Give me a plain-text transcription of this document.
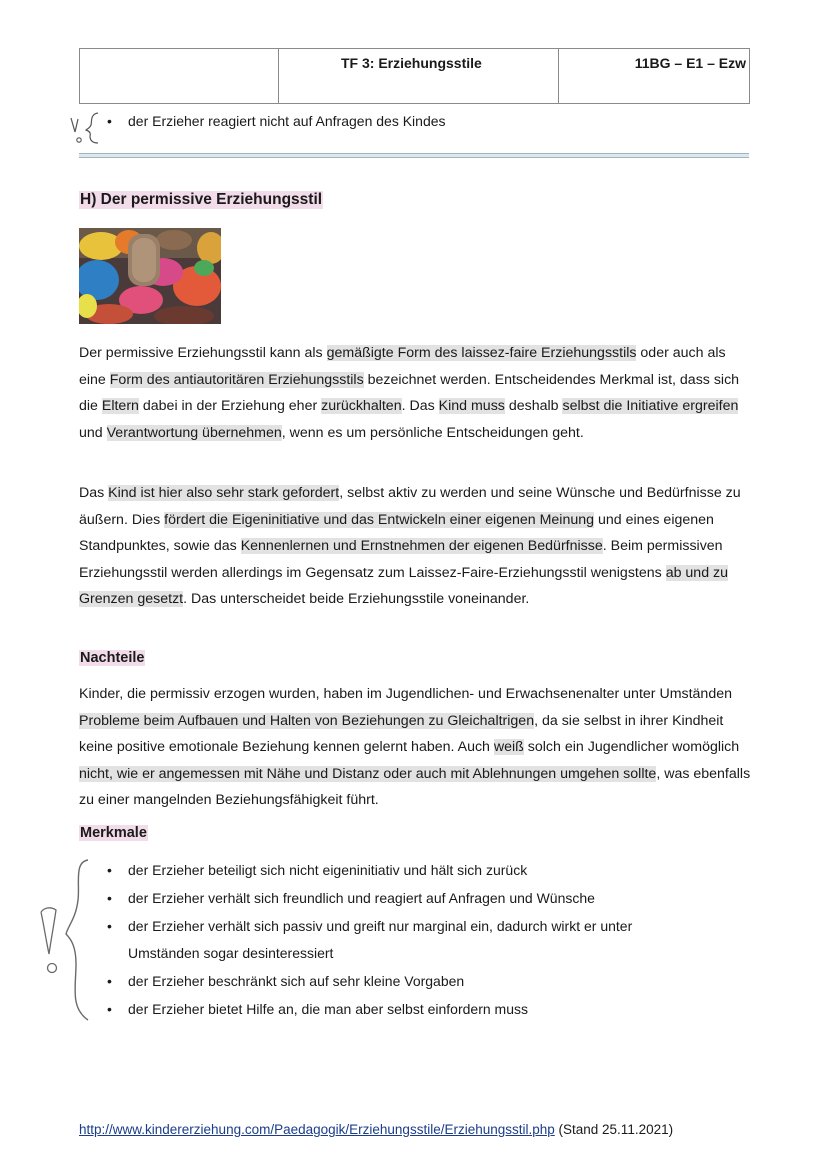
TF 3: Erziehungsstile	11BG – E1 – Ezw
• der Erzieher reagiert nicht auf Anfragen des Kindes
H) Der permissive Erziehungsstil
Der permissive Erziehungsstil kann als gemäßigte Form des laissez-faire Erziehungsstils oder auch als eine Form des antiautoritären Erziehungsstils bezeichnet werden. Entscheidendes Merkmal ist, dass sich die Eltern dabei in der Erziehung eher zurückhalten. Das Kind muss deshalb selbst die Initiative ergreifen und Verantwortung übernehmen, wenn es um persönliche Entscheidungen geht.
Das Kind ist hier also sehr stark gefordert, selbst aktiv zu werden und seine Wünsche und Bedürfnisse zu äußern. Dies fördert die Eigeninitiative und das Entwickeln einer eigenen Meinung und eines eigenen Standpunktes, sowie das Kennenlernen und Ernstnehmen der eigenen Bedürfnisse. Beim permissiven Erziehungsstil werden allerdings im Gegensatz zum Laissez-Faire-Erziehungsstil wenigstens ab und zu Grenzen gesetzt. Das unterscheidet beide Erziehungsstile voneinander.
Nachteile
Kinder, die permissiv erzogen wurden, haben im Jugendlichen- und Erwachsenenalter unter Umständen Probleme beim Aufbauen und Halten von Beziehungen zu Gleichaltrigen, da sie selbst in ihrer Kindheit keine positive emotionale Beziehung kennen gelernt haben. Auch weiß solch ein Jugendlicher womöglich nicht, wie er angemessen mit Nähe und Distanz oder auch mit Ablehnungen umgehen sollte, was ebenfalls zu einer mangelnden Beziehungsfähigkeit führt.
Merkmale
• der Erzieher beteiligt sich nicht eigeninitiativ und hält sich zurück
• der Erzieher verhält sich freundlich und reagiert auf Anfragen und Wünsche
• der Erzieher verhält sich passiv und greift nur marginal ein, dadurch wirkt er unter
Umständen sogar desinteressiert
• der Erzieher beschränkt sich auf sehr kleine Vorgaben
• der Erzieher bietet Hilfe an, die man aber selbst einfordern muss
http://www.kindererziehung.com/Paedagogik/Erziehungsstile/Erziehungsstil.php (Stand 25.11.2021)
